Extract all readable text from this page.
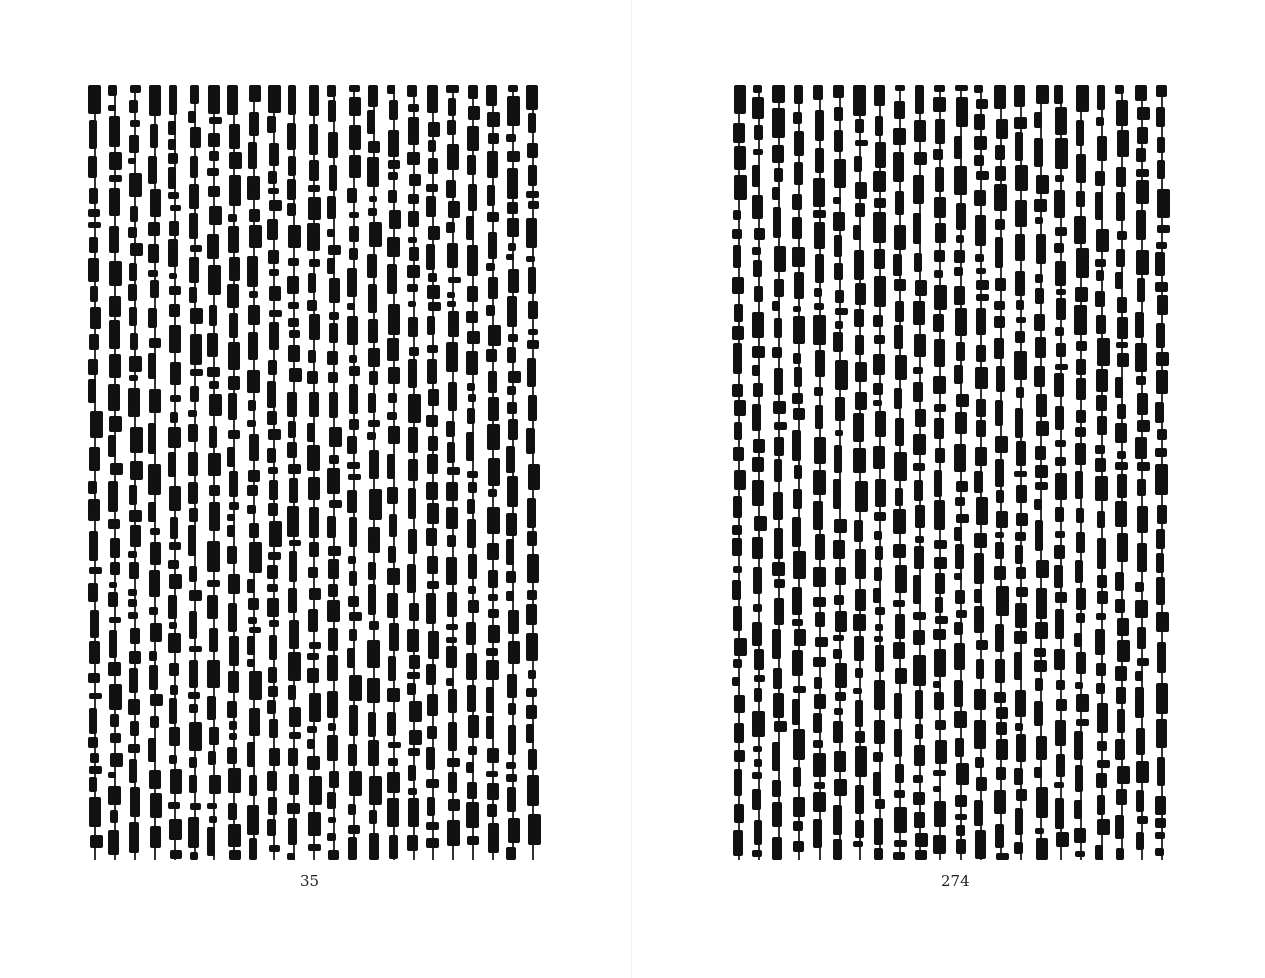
35	274
